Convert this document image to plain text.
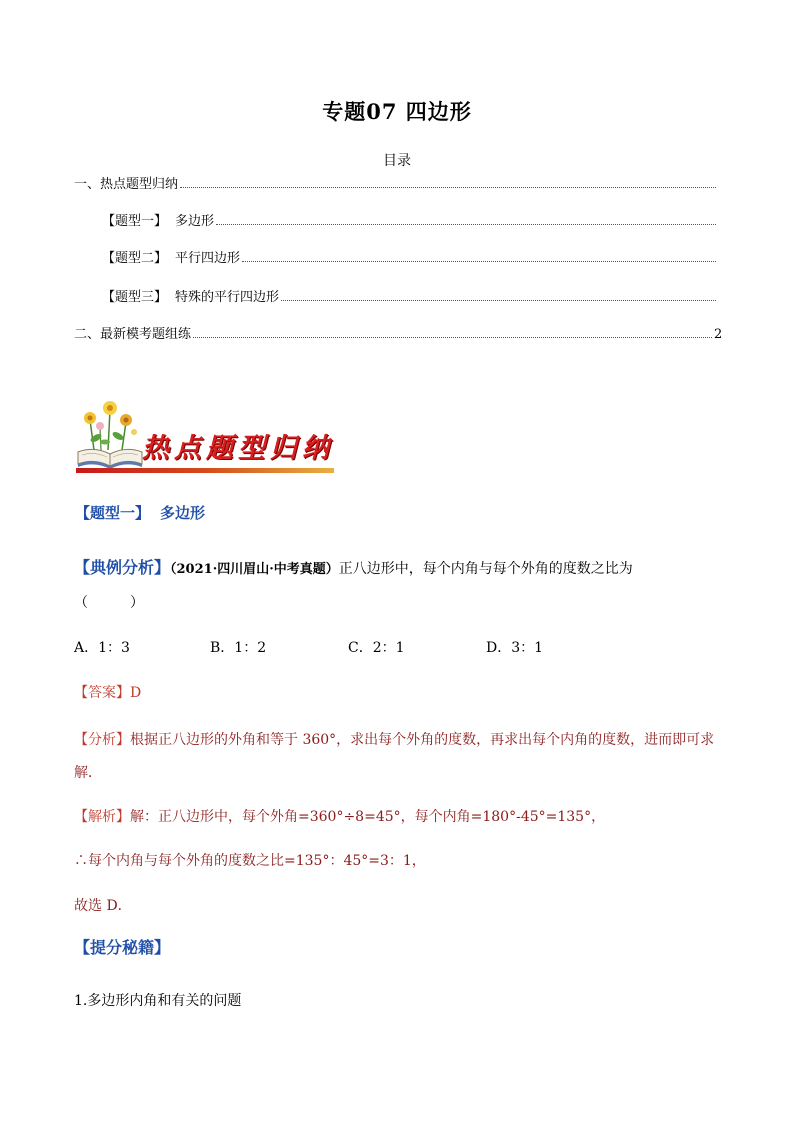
专题07 四边形
目录
一、热点题型归纳
【题型一】 多边形
【题型二】 平行四边形
【题型三】 特殊的平行四边形
二、最新模考题组练	2
热点题型归纳
【题型一】 多边形
【典例分析】（2021·四川眉山·中考真题）正八边形中，每个内角与每个外角的度数之比为
（　　　）
A．1：3	B．1：2	C．2：1	D．3：1
【答案】D
【分析】根据正八边形的外角和等于 360°，求出每个外角的度数，再求出每个内角的度数，进而即可求
解．
【解析】解：正八边形中，每个外角=360°÷8=45°，每个内角=180°-45°=135°，
∴每个内角与每个外角的度数之比=135°：45°=3：1，
故选 D．
【提分秘籍】
1.多边形内角和有关的问题
